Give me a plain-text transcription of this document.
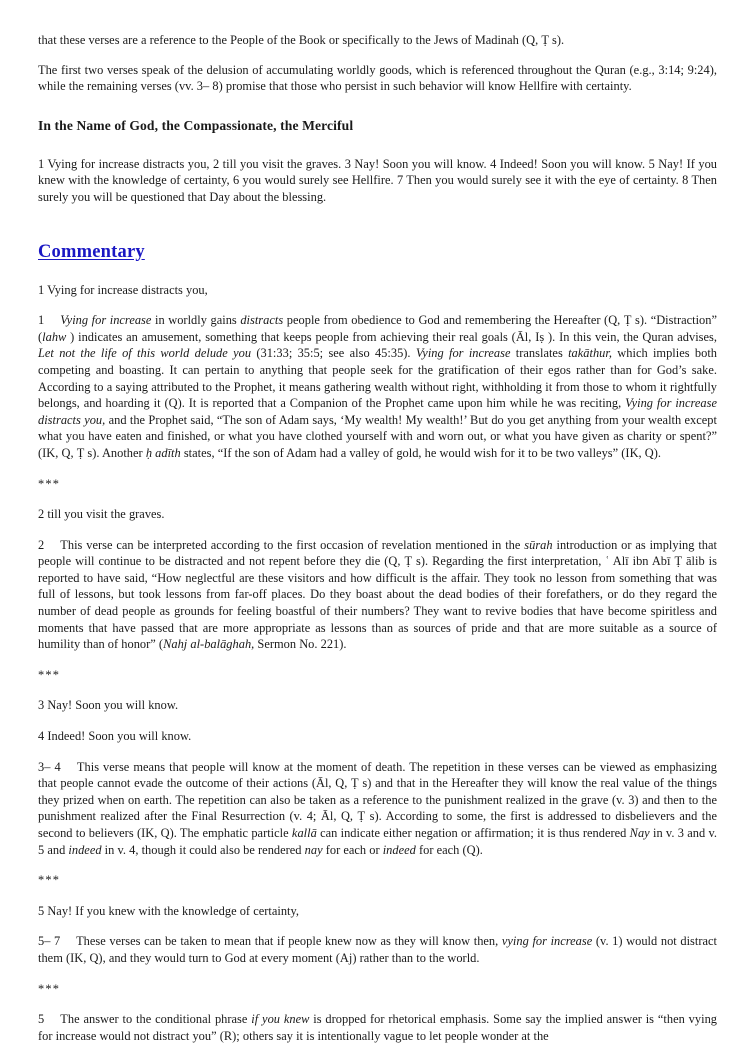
that these verses are a reference to the People of the Book or specifically to the Jews of Madinah (Q, Ṭ s).

The first two verses speak of the delusion of accumulating worldly goods, which is referenced throughout the Quran (e.g., 3:14; 9:24), while the remaining verses (vv. 3– 8) promise that those who persist in such behavior will know Hellfire with certainty.

In the Name of God, the Compassionate, the Merciful

1 Vying for increase distracts you, 2 till you visit the graves. 3 Nay! Soon you will know. 4 Indeed! Soon you will know. 5 Nay! If you knew with the knowledge of certainty, 6 you would surely see Hellfire. 7 Then you would surely see it with the eye of certainty. 8 Then surely you will be questioned that Day about the blessing.

Commentary

1 Vying for increase distracts you,

1   Vying for increase in worldly gains distracts people from obedience to God and remembering the Hereafter (Q, Ṭ s). “Distraction” (lahw ) indicates an amusement, something that keeps people from achieving their real goals (Āl, Iṣ ). In this vein, the Quran advises, Let not the life of this world delude you (31:33; 35:5; see also 45:35). Vying for increase translates takāthur, which implies both competing and boasting. It can pertain to anything that people seek for the gratification of their egos rather than for God’s sake. According to a saying attributed to the Prophet, it means gathering wealth without right, withholding it from those to whom it rightfully belongs, and hoarding it (Q). It is reported that a Companion of the Prophet came upon him while he was reciting, Vying for increase distracts you, and the Prophet said, “The son of Adam says, ‘My wealth! My wealth!’ But do you get anything from your wealth except what you have eaten and finished, or what you have clothed yourself with and worn out, or what you have given as charity or spent?” (IK, Q, Ṭ s). Another ḥ adīth states, “If the son of Adam had a valley of gold, he would wish for it to be two valleys” (IK, Q).

***

2 till you visit the graves.

2   This verse can be interpreted according to the first occasion of revelation mentioned in the sūrah introduction or as implying that people will continue to be distracted and not repent before they die (Q, Ṭ s). Regarding the first interpretation, ʿ Alī ibn Abī Ṭ ālib is reported to have said, “How neglectful are these visitors and how difficult is the affair. They took no lesson from something that was full of lessons, but took lessons from far-off places. Do they boast about the dead bodies of their forefathers, or do they regard the number of dead people as grounds for feeling boastful of their numbers? They want to revive bodies that have become spiritless and moments that have passed that are more appropriate as lessons than as sources of pride and that are more suitable as a source of humility than of honor” (Nahj al-balāghah, Sermon No. 221).

***

3 Nay! Soon you will know.

4 Indeed! Soon you will know.

3– 4   This verse means that people will know at the moment of death. The repetition in these verses can be viewed as emphasizing that people cannot evade the outcome of their actions (Āl, Q, Ṭ s) and that in the Hereafter they will know the real value of the things they prized when on earth. The repetition can also be taken as a reference to the punishment realized in the grave (v. 3) and then to the punishment realized after the Final Resurrection (v. 4; Āl, Q, Ṭ s). According to some, the first is addressed to disbelievers and the second to believers (IK, Q). The emphatic particle kallā can indicate either negation or affirmation; it is thus rendered Nay in v. 3 and v. 5 and indeed in v. 4, though it could also be rendered nay for each or indeed for each (Q).

***

5 Nay! If you knew with the knowledge of certainty,

5– 7   These verses can be taken to mean that if people knew now as they will know then, vying for increase (v. 1) would not distract them (IK, Q), and they would turn to God at every moment (Aj) rather than to the world.

***

5   The answer to the conditional phrase if you knew is dropped for rhetorical emphasis. Some say the implied answer is “then vying for increase would not distract you” (R); others say it is intentionally vague to let people wonder at the
